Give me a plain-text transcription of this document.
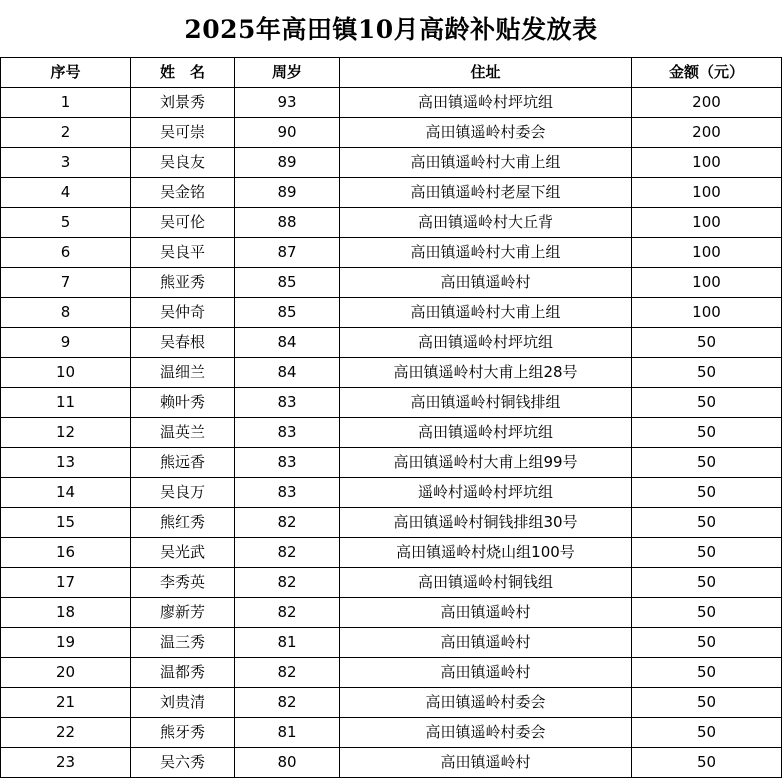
2025年高田镇10月高龄补贴发放表
序号	姓　名	周岁	住址	金额（元）
1	刘景秀	93	高田镇遥岭村坪坑组	200
2	吴可崇	90	高田镇遥岭村委会	200
3	吴良友	89	高田镇遥岭村大甫上组	100
4	吴金铭	89	高田镇遥岭村老屋下组	100
5	吴可伦	88	高田镇遥岭村大丘背	100
6	吴良平	87	高田镇遥岭村大甫上组	100
7	熊亚秀	85	高田镇遥岭村	100
8	吴仲奇	85	高田镇遥岭村大甫上组	100
9	吴春根	84	高田镇遥岭村坪坑组	50
10	温细兰	84	高田镇遥岭村大甫上组28号	50
11	赖叶秀	83	高田镇遥岭村铜钱排组	50
12	温英兰	83	高田镇遥岭村坪坑组	50
13	熊远香	83	高田镇遥岭村大甫上组99号	50
14	吴良万	83	遥岭村遥岭村坪坑组	50
15	熊红秀	82	高田镇遥岭村铜钱排组30号	50
16	吴光武	82	高田镇遥岭村烧山组100号	50
17	李秀英	82	高田镇遥岭村铜钱组	50
18	廖新芳	82	高田镇遥岭村	50
19	温三秀	81	高田镇遥岭村	50
20	温都秀	82	高田镇遥岭村	50
21	刘贵清	82	高田镇遥岭村委会	50
22	熊牙秀	81	高田镇遥岭村委会	50
23	吴六秀	80	高田镇遥岭村	50
